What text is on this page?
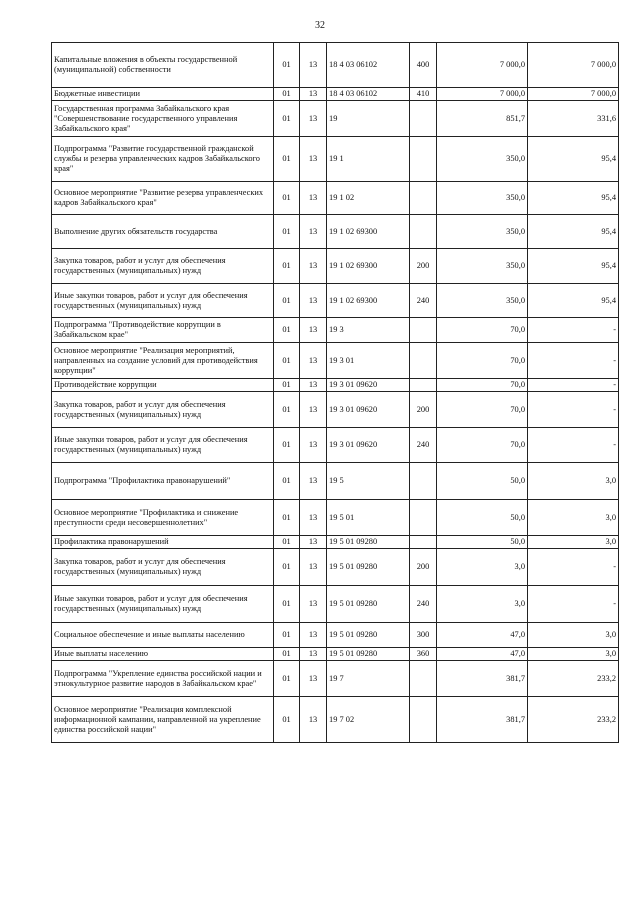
32
Капитальные вложения в объекты государственной (муниципальной) собственности	01	13	18 4 03 06102	400	7 000,0	7 000,0
Бюджетные инвестиции	01	13	18 4 03 06102	410	7 000,0	7 000,0
Государственная программа Забайкальского края "Совершенствование государственного управления Забайкальского края"	01	13	19		851,7	331,6
Подпрограмма "Развитие государственной гражданской службы и резерва управленческих кадров Забайкальского края"	01	13	19 1		350,0	95,4
Основное мероприятие "Развитие резерва управленческих кадров Забайкальского края"	01	13	19 1 02		350,0	95,4
Выполнение других обязательств государства	01	13	19 1 02 69300		350,0	95,4
Закупка товаров, работ и услуг для обеспечения государственных (муниципальных) нужд	01	13	19 1 02 69300	200	350,0	95,4
Иные закупки товаров, работ и услуг для обеспечения государственных (муниципальных) нужд	01	13	19 1 02 69300	240	350,0	95,4
Подпрограмма "Противодействие коррупции в Забайкальском крае"	01	13	19 3		70,0	-
Основное мероприятие "Реализация мероприятий, направленных на создание условий для противодействия коррупции"	01	13	19 3 01		70,0	-
Противодействие коррупции	01	13	19 3 01 09620		70,0	-
Закупка товаров, работ и услуг для обеспечения государственных (муниципальных) нужд	01	13	19 3 01 09620	200	70,0	-
Иные закупки товаров, работ и услуг для обеспечения государственных (муниципальных) нужд	01	13	19 3 01 09620	240	70,0	-
Подпрограмма "Профилактика правонарушений"	01	13	19 5		50,0	3,0
Основное мероприятие "Профилактика и снижение преступности среди несовершеннолетних"	01	13	19 5 01		50,0	3,0
Профилактика правонарушений	01	13	19 5 01 09280		50,0	3,0
Закупка товаров, работ и услуг для обеспечения государственных (муниципальных) нужд	01	13	19 5 01 09280	200	3,0	-
Иные закупки товаров, работ и услуг для обеспечения государственных (муниципальных) нужд	01	13	19 5 01 09280	240	3,0	-
Социальное обеспечение и иные выплаты населению	01	13	19 5 01 09280	300	47,0	3,0
Иные выплаты населению	01	13	19 5 01 09280	360	47,0	3,0
Подпрограмма "Укрепление единства российской нации и этнокультурное развитие народов в Забайкальском крае"	01	13	19 7		381,7	233,2
Основное мероприятие "Реализация комплексной информационной кампании, направленной на укрепление единства российской нации"	01	13	19 7 02		381,7	233,2
